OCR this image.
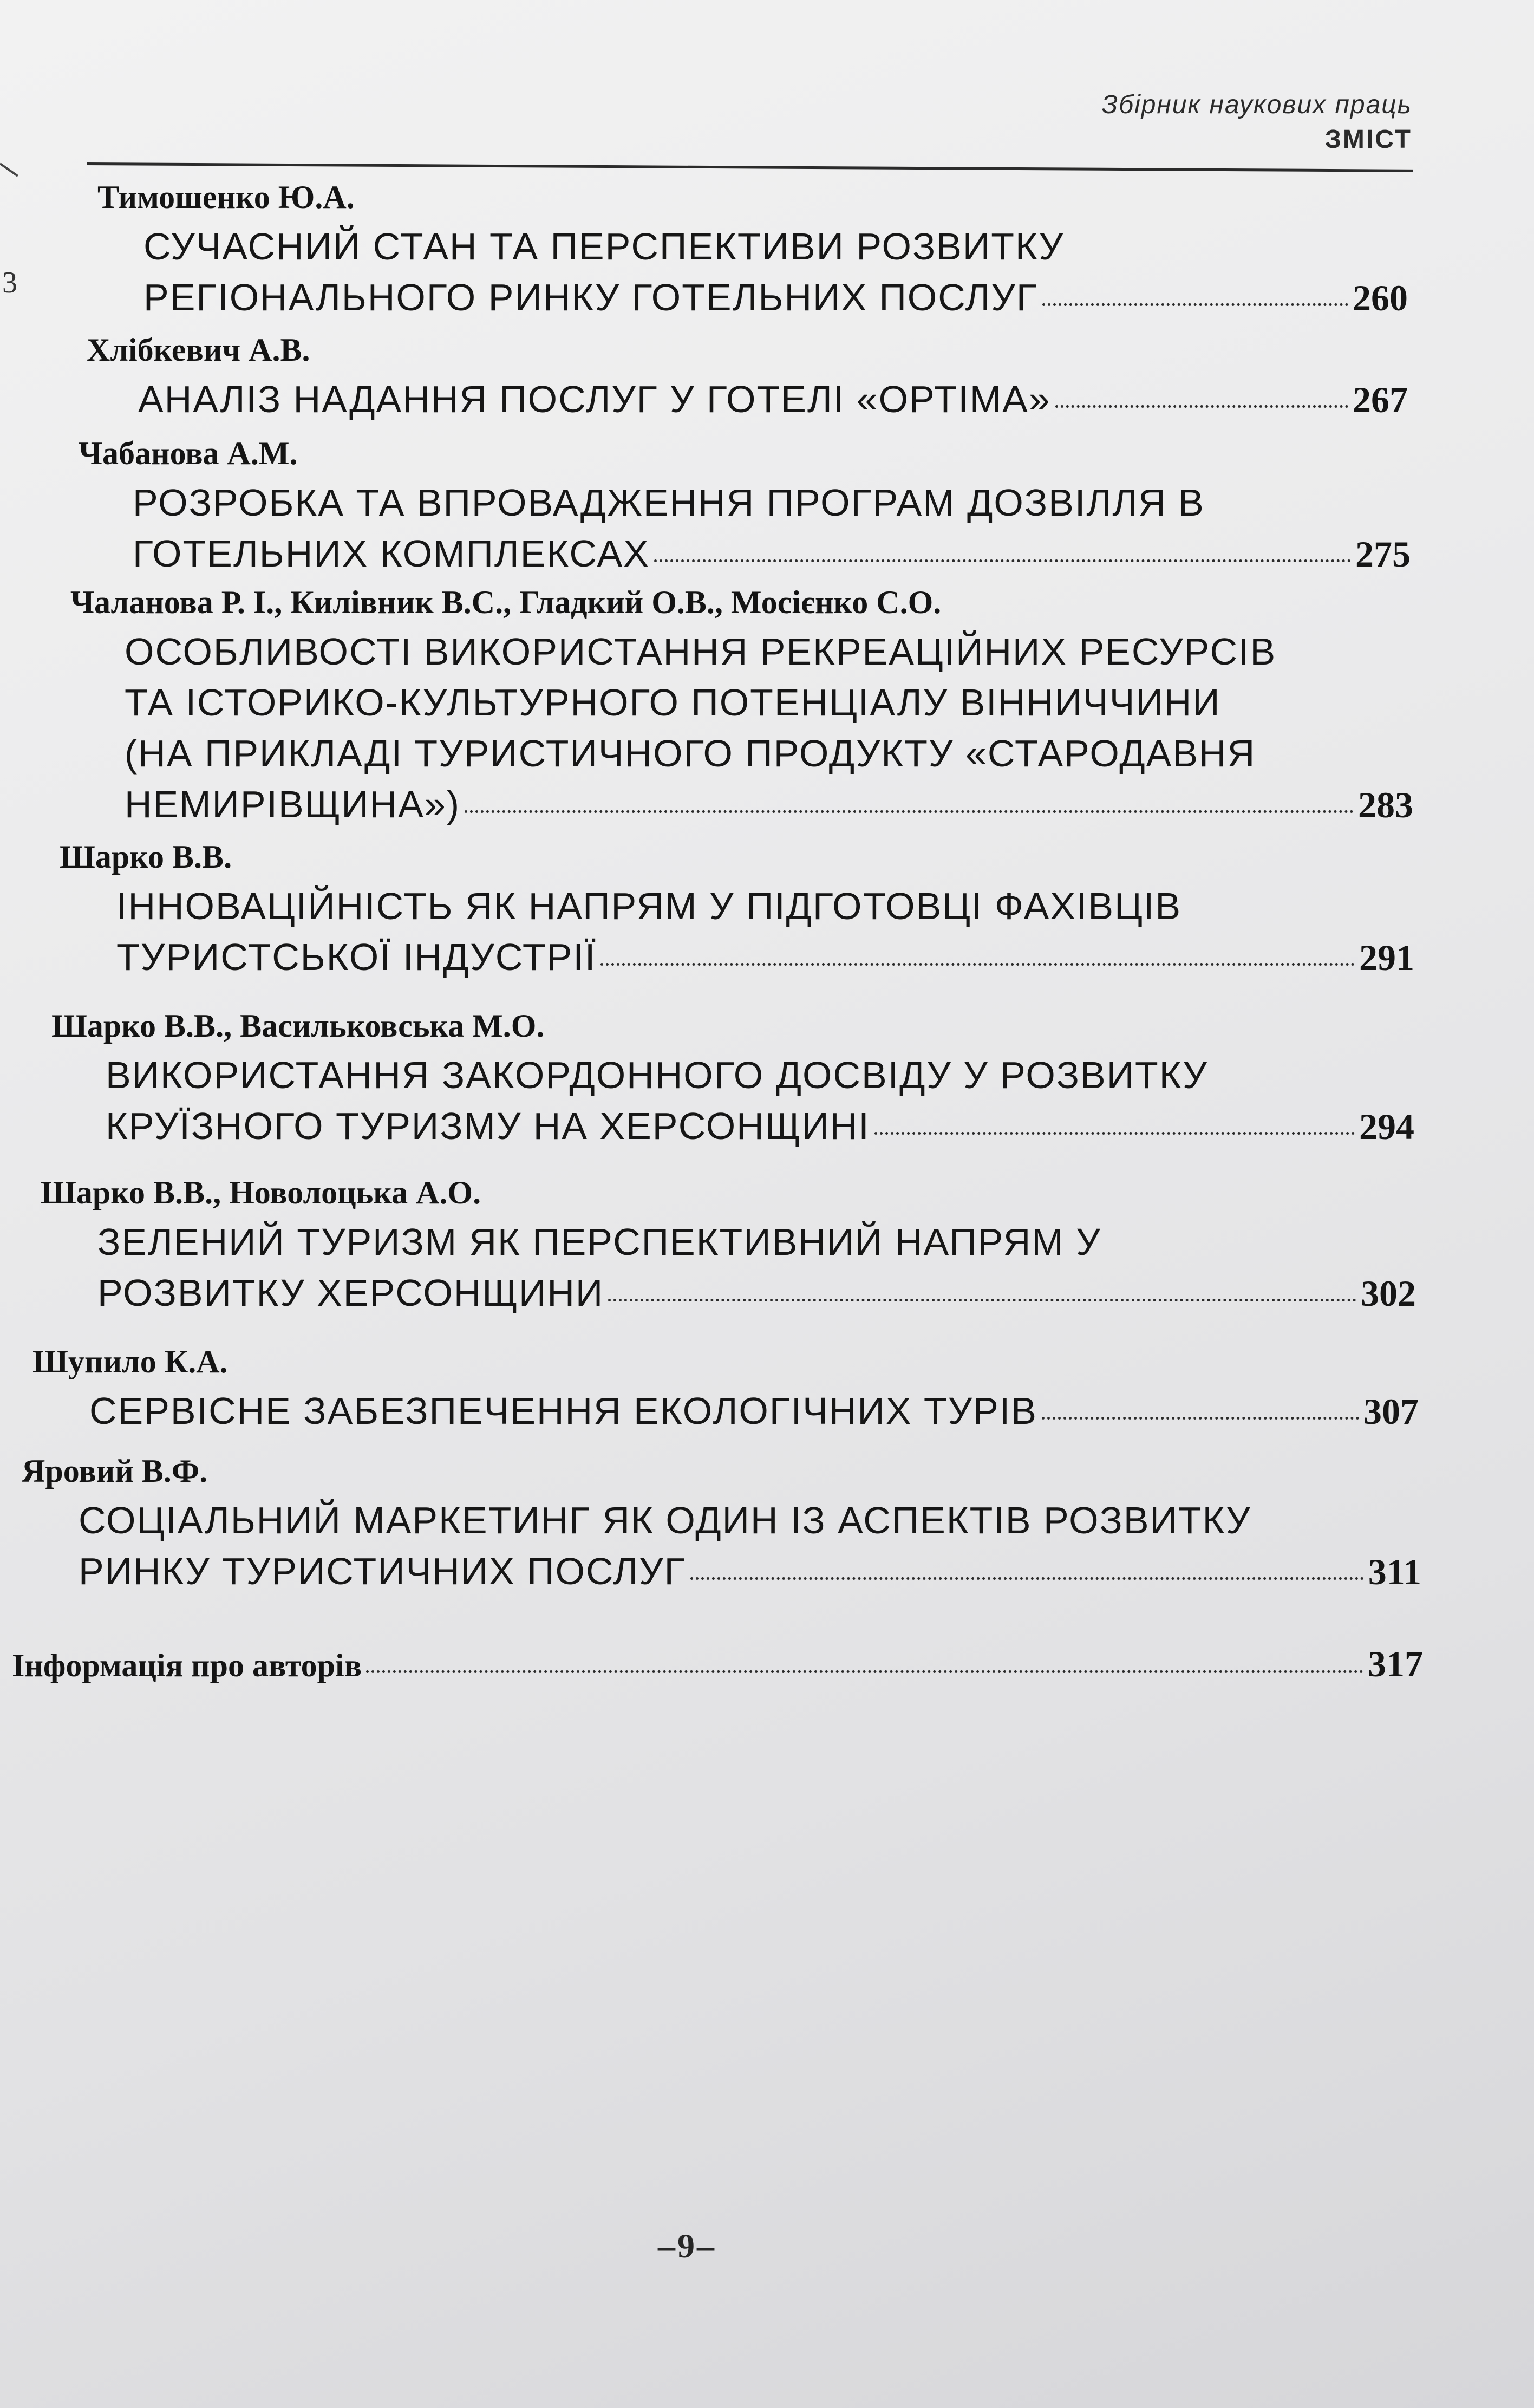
3
Збірник наукових праць
ЗМІСТ
Тимошенко Ю.А.
СУЧАСНИЙ СТАН ТА ПЕРСПЕКТИВИ РОЗВИТКУ
РЕГІОНАЛЬНОГО РИНКУ ГОТЕЛЬНИХ ПОСЛУГ	260
Хлібкевич А.В.
АНАЛІЗ НАДАННЯ ПОСЛУГ У ГОТЕЛІ «ОРТІМА»	267
Чабанова А.М.
РОЗРОБКА ТА ВПРОВАДЖЕННЯ ПРОГРАМ ДОЗВІЛЛЯ В
ГОТЕЛЬНИХ КОМПЛЕКСАХ	275
Чаланова Р. І., Килівник В.С., Гладкий О.В., Мосієнко С.О.
ОСОБЛИВОСТІ ВИКОРИСТАННЯ РЕКРЕАЦІЙНИХ РЕСУРСІВ
ТА ІСТОРИКО-КУЛЬТУРНОГО ПОТЕНЦІАЛУ ВІННИЧЧИНИ
(НА ПРИКЛАДІ ТУРИСТИЧНОГО ПРОДУКТУ «СТАРОДАВНЯ
НЕМИРІВЩИНА»)	283
Шарко В.В.
ІННОВАЦІЙНІСТЬ ЯК НАПРЯМ У ПІДГОТОВЦІ ФАХІВЦІВ
ТУРИСТСЬКОЇ ІНДУСТРІЇ	291
Шарко В.В., Васильковська М.О.
ВИКОРИСТАННЯ ЗАКОРДОННОГО ДОСВІДУ У РОЗВИТКУ
КРУЇЗНОГО ТУРИЗМУ НА ХЕРСОНЩИНІ	294
Шарко В.В., Новолоцька А.О.
ЗЕЛЕНИЙ ТУРИЗМ ЯК ПЕРСПЕКТИВНИЙ НАПРЯМ У
РОЗВИТКУ ХЕРСОНЩИНИ	302
Шупило К.А.
СЕРВІСНЕ ЗАБЕЗПЕЧЕННЯ ЕКОЛОГІЧНИХ ТУРІВ	307
Яровий В.Ф.
СОЦІАЛЬНИЙ МАРКЕТИНГ ЯК ОДИН ІЗ АСПЕКТІВ РОЗВИТКУ
РИНКУ ТУРИСТИЧНИХ ПОСЛУГ	311
Інформація про авторів	317
–9–
